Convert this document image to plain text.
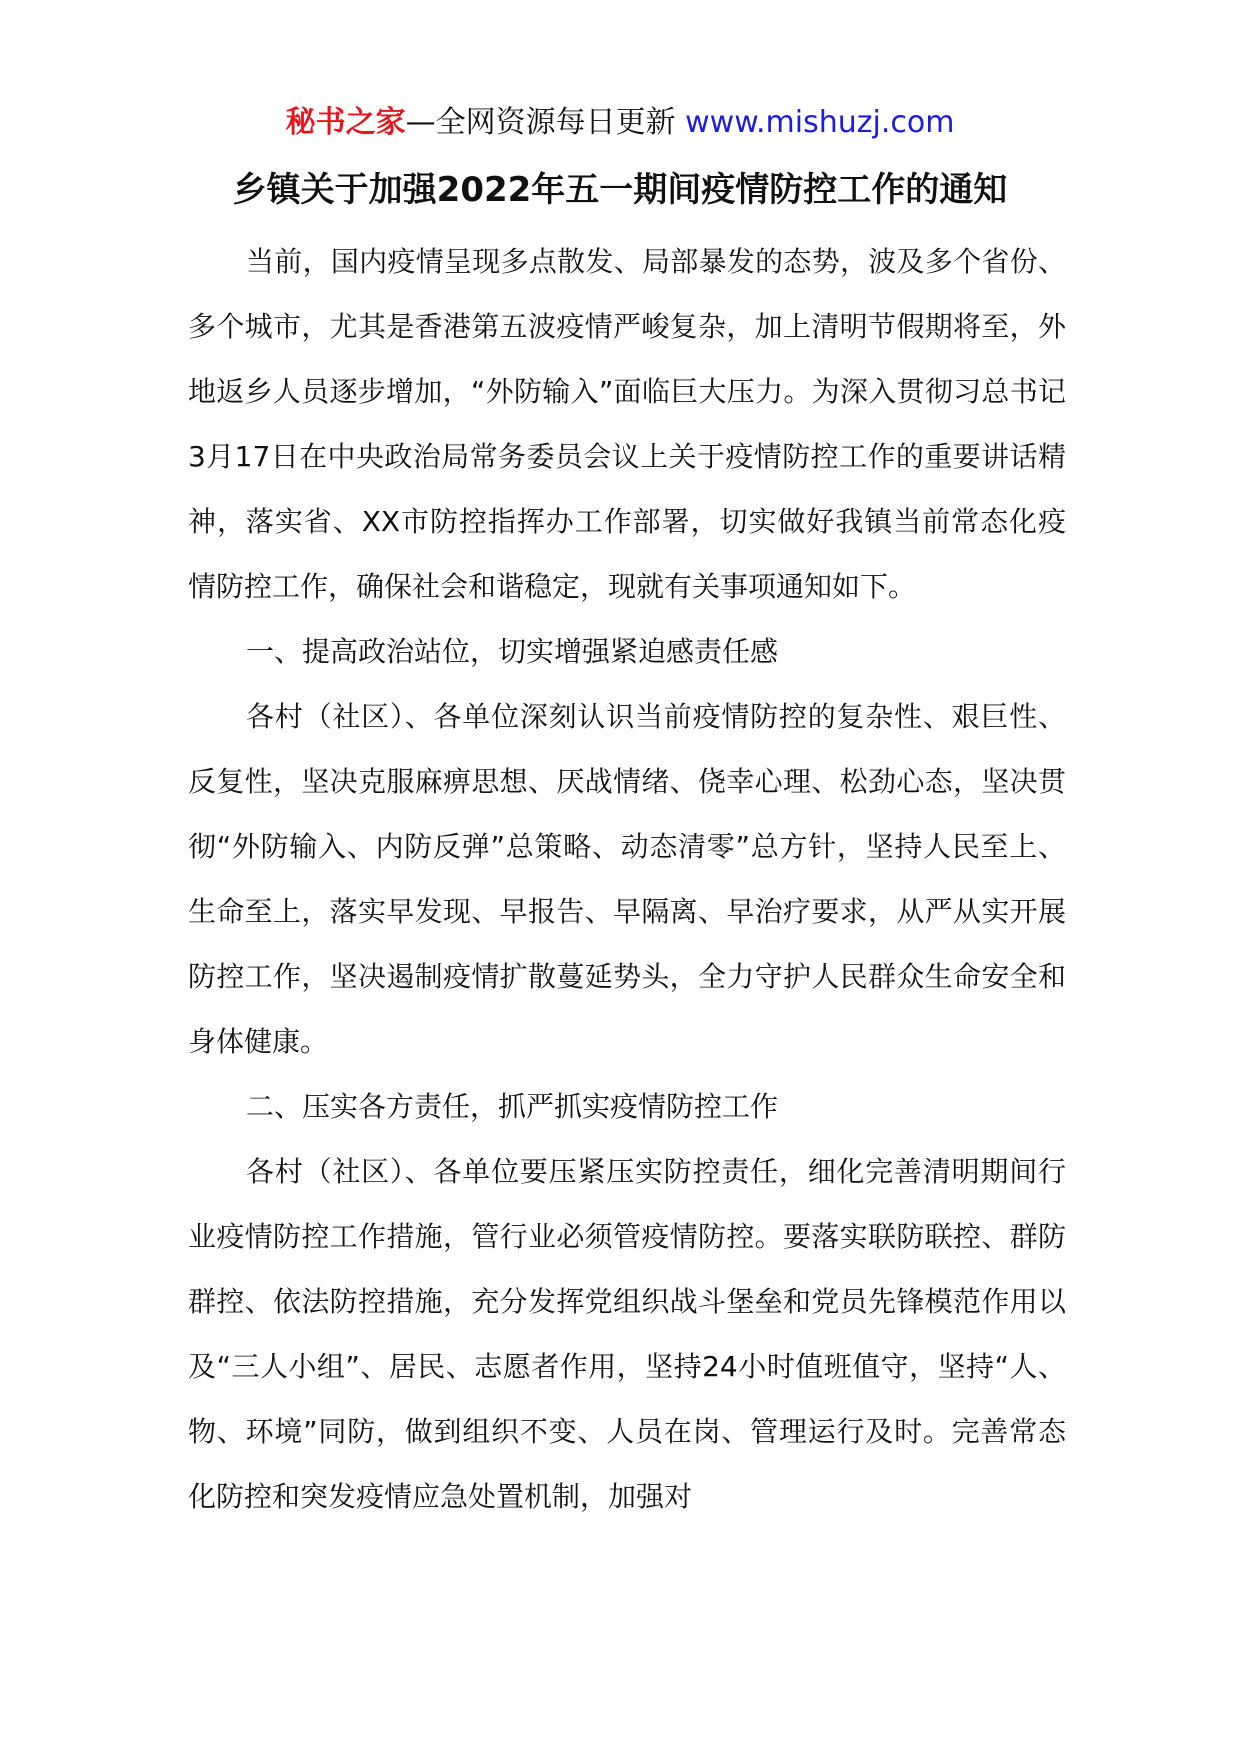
秘书之家—全网资源每日更新 www.mishuzj.com
乡镇关于加强2022年五一期间疫情防控工作的通知

当前，国内疫情呈现多点散发、局部暴发的态势，波及多个省份、多个城市，尤其是香港第五波疫情严峻复杂，加上清明节假期将至，外地返乡人员逐步增加，“外防输入”面临巨大压力。为深入贯彻习总书记3月17日在中央政治局常务委员会议上关于疫情防控工作的重要讲话精神，落实省、XX市防控指挥办工作部署，切实做好我镇当前常态化疫情防控工作，确保社会和谐稳定，现就有关事项通知如下。

一、提高政治站位，切实增强紧迫感责任感

各村（社区）、各单位深刻认识当前疫情防控的复杂性、艰巨性、反复性，坚决克服麻痹思想、厌战情绪、侥幸心理、松劲心态，坚决贯彻“外防输入、内防反弹”总策略、动态清零”总方针，坚持人民至上、生命至上，落实早发现、早报告、早隔离、早治疗要求，从严从实开展防控工作，坚决遏制疫情扩散蔓延势头，全力守护人民群众生命安全和身体健康。

二、压实各方责任，抓严抓实疫情防控工作

各村（社区）、各单位要压紧压实防控责任，细化完善清明期间行业疫情防控工作措施，管行业必须管疫情防控。要落实联防联控、群防群控、依法防控措施，充分发挥党组织战斗堡垒和党员先锋模范作用以及“三人小组”、居民、志愿者作用，坚持24小时值班值守，坚持“人、物、环境”同防，做到组织不变、人员在岗、管理运行及时。完善常态化防控和突发疫情应急处置机制，加强对
